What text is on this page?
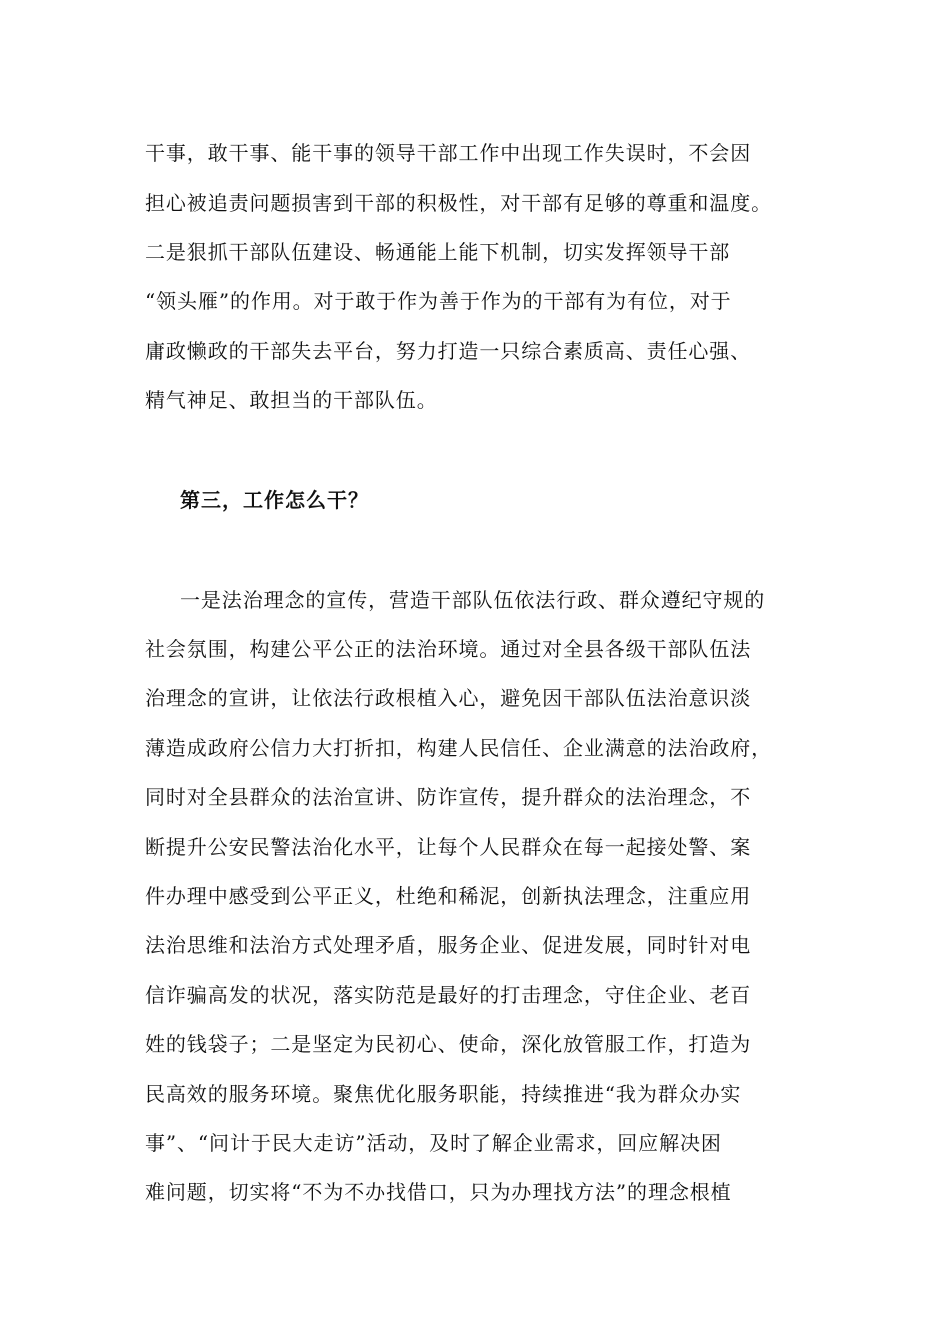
干事，敢干事、能干事的领导干部工作中出现工作失误时，不会因
担心被追责问题损害到干部的积极性，对干部有足够的尊重和温度。
二是狠抓干部队伍建设、畅通能上能下机制，切实发挥领导干部
“领头雁”的作用。对于敢于作为善于作为的干部有为有位，对于
庸政懒政的干部失去平台，努力打造一只综合素质高、责任心强、
精气神足、敢担当的干部队伍。
第三，工作怎么干？
一是法治理念的宣传，营造干部队伍依法行政、群众遵纪守规的
社会氛围，构建公平公正的法治环境。通过对全县各级干部队伍法
治理念的宣讲，让依法行政根植入心，避免因干部队伍法治意识淡
薄造成政府公信力大打折扣，构建人民信任、企业满意的法治政府，
同时对全县群众的法治宣讲、防诈宣传，提升群众的法治理念，不
断提升公安民警法治化水平，让每个人民群众在每一起接处警、案
件办理中感受到公平正义，杜绝和稀泥，创新执法理念，注重应用
法治思维和法治方式处理矛盾，服务企业、促进发展，同时针对电
信诈骗高发的状况，落实防范是最好的打击理念，守住企业、老百
姓的钱袋子；二是坚定为民初心、使命，深化放管服工作，打造为
民高效的服务环境。聚焦优化服务职能，持续推进“我为群众办实
事”、“问计于民大走访”活动，及时了解企业需求，回应解决困
难问题，切实将“不为不办找借口，只为办理找方法”的理念根植
